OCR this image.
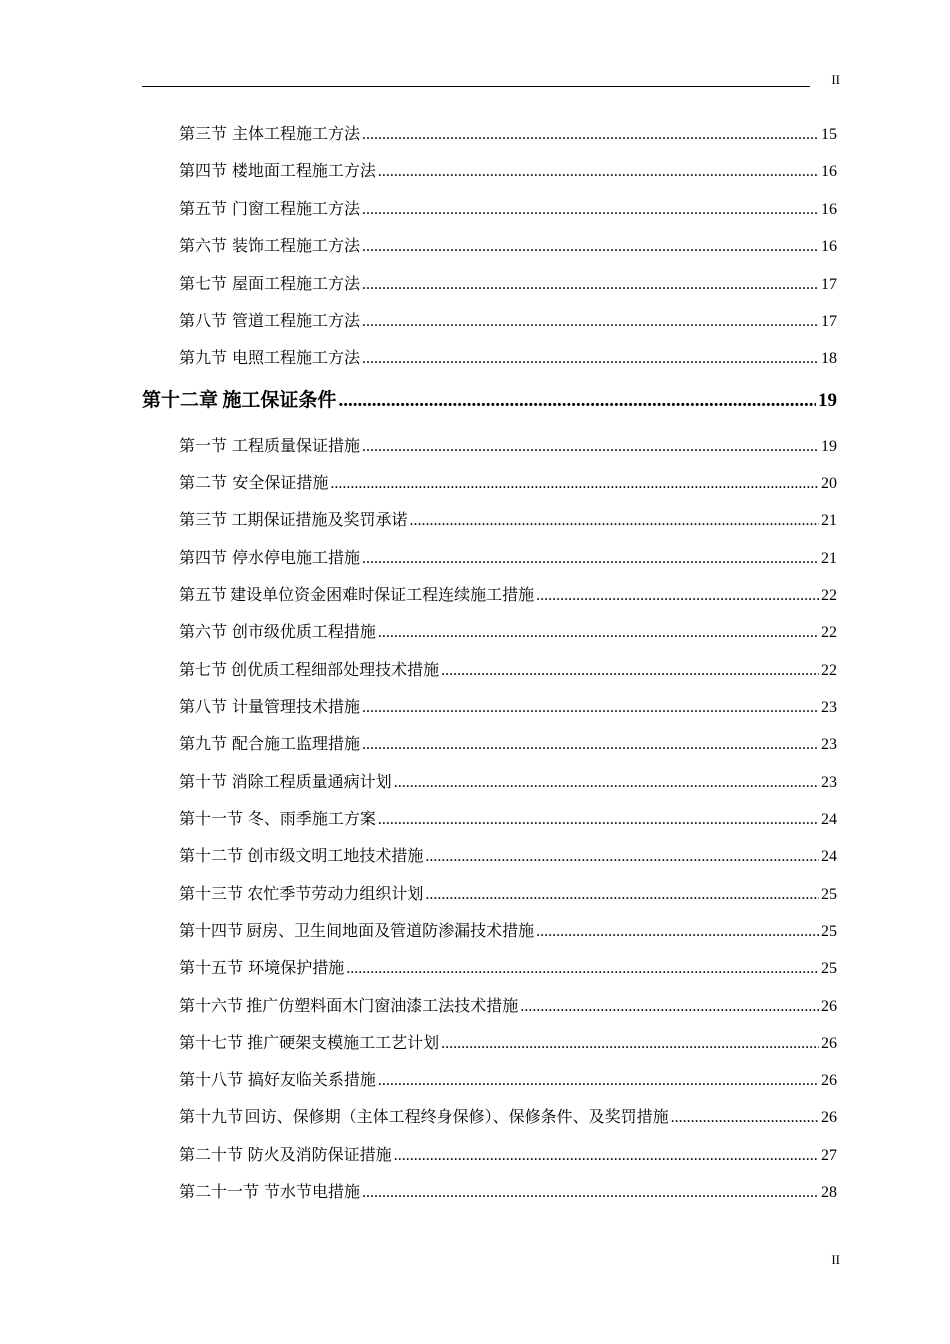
II
第三节 主体工程施工方法 .....	15
第四节 楼地面工程施工方法 .....	16
第五节 门窗工程施工方法 .....	16
第六节 装饰工程施工方法 .....	16
第七节 屋面工程施工方法 .....	17
第八节 管道工程施工方法 .....	17
第九节 电照工程施工方法 .....	18
第十二章 施工保证条件 .....	19
第一节 工程质量保证措施 .....	19
第二节 安全保证措施 .....	20
第三节 工期保证措施及奖罚承诺 .....	21
第四节 停水停电施工措施 .....	21
第五节 建设单位资金困难时保证工程连续施工措施 .....	22
第六节 创市级优质工程措施 .....	22
第七节 创优质工程细部处理技术措施 .....	22
第八节 计量管理技术措施 .....	23
第九节 配合施工监理措施 .....	23
第十节 消除工程质量通病计划 .....	23
第十一节 冬、雨季施工方案 .....	24
第十二节 创市级文明工地技术措施 .....	24
第十三节 农忙季节劳动力组织计划 .....	25
第十四节 厨房、卫生间地面及管道防渗漏技术措施 .....	25
第十五节 环境保护措施 .....	25
第十六节 推广仿塑料面木门窗油漆工法技术措施 .....	26
第十七节 推广硬架支模施工工艺计划 .....	26
第十八节 搞好友临关系措施 .....	26
第十九节 回访、保修期（主体工程终身保修）、保修条件、及奖罚措施 .....	26
第二十节 防火及消防保证措施 .....	27
第二十一节 节水节电措施 .....	28
II
